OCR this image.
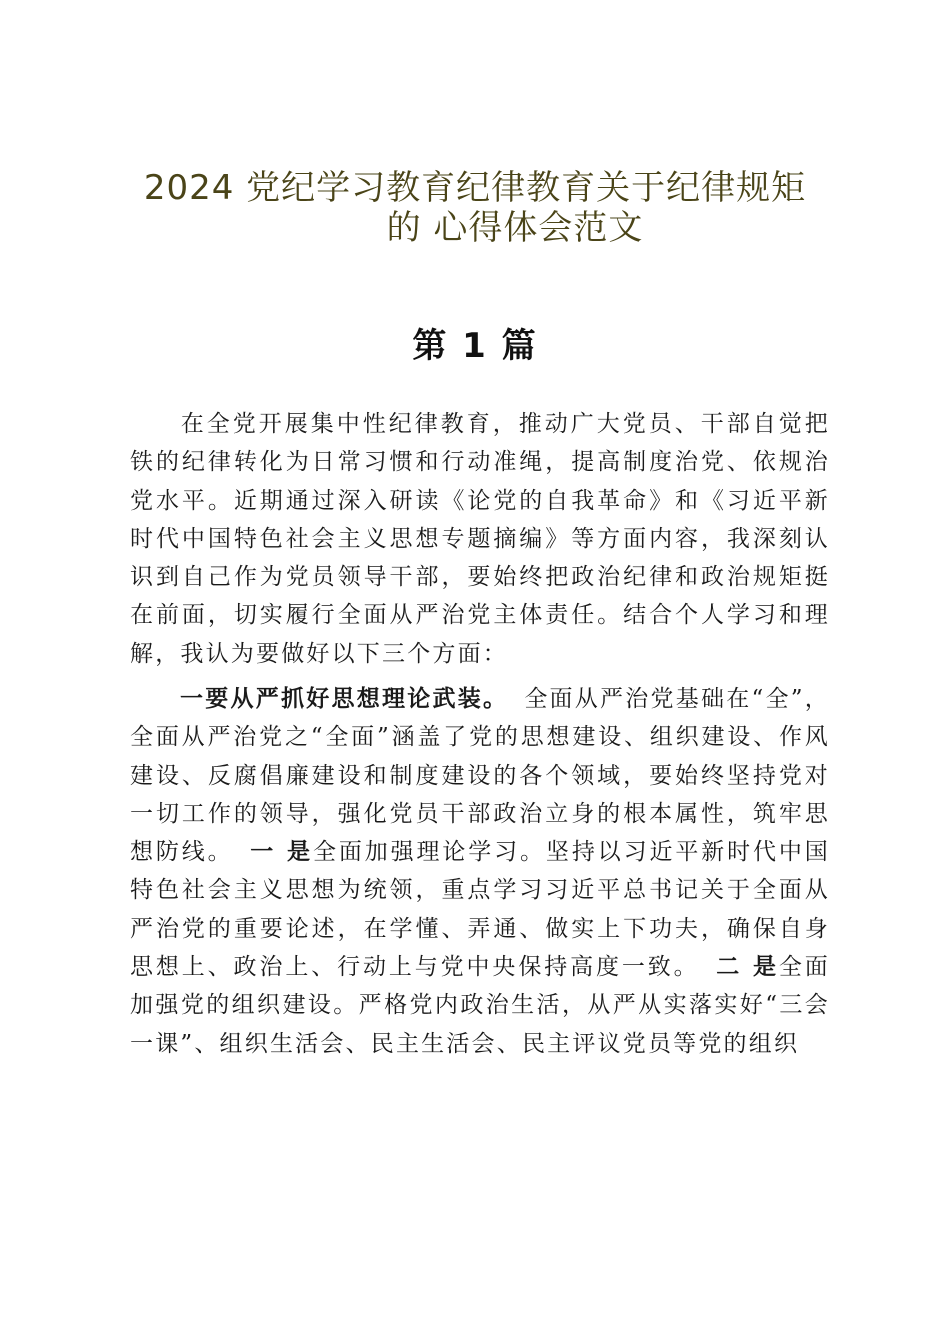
2024 党纪学习教育纪律教育关于纪律规矩
的 心得体会范文
第 1 篇
在全党开展集中性纪律教育，推动广大党员、干部自觉把铁的纪律转化为日常习惯和行动准绳，提高制度治党、依规治党水平。近期通过深入研读《论党的自我革命》和《习近平新时代中国特色社会主义思想专题摘编》等方面内容，我深刻认识到自己作为党员领导干部，要始终把政治纪律和政治规矩挺在前面，切实履行全面从严治党主体责任。结合个人学习和理解，我认为要做好以下三个方面：
一要从严抓好思想理论武装。 全面从严治党基础在“全”，全面从严治党之“全面”涵盖了党的思想建设、组织建设、作风建设、反腐倡廉建设和制度建设的各个领域，要始终坚持党对一切工作的领导，强化党员干部政治立身的根本属性，筑牢思想防线。 一 是全面加强理论学习。坚持以习近平新时代中国特色社会主义思想为统领，重点学习习近平总书记关于全面从严治党的重要论述，在学懂、弄通、做实上下功夫，确保自身思想上、政治上、行动上与党中央保持高度一致。 二 是全面加强党的组织建设。严格党内政治生活，从严从实落实好“三会一课”、组织生活会、民主生活会、民主评议党员等党的组织
